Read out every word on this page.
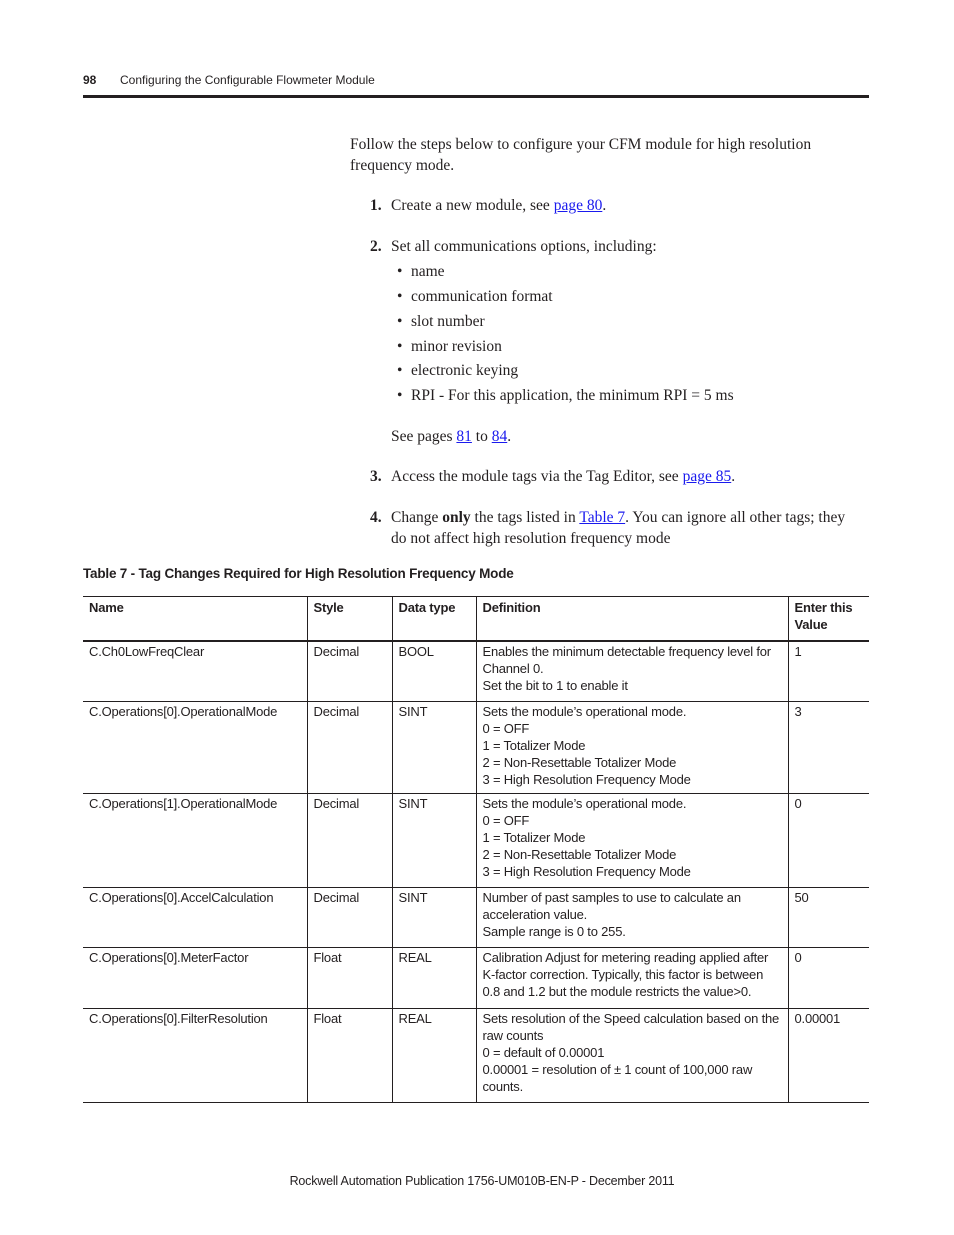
98 Configuring the Configurable Flowmeter Module
Follow the steps below to configure your CFM module for high resolution frequency mode.
1. Create a new module, see page 80.
2. Set all communications options, including:
• name
• communication format
• slot number
• minor revision
• electronic keying
• RPI - For this application, the minimum RPI = 5 ms
See pages 81 to 84.
3. Access the module tags via the Tag Editor, see page 85.
4. Change only the tags listed in Table 7. You can ignore all other tags; they do not affect high resolution frequency mode
Table 7 - Tag Changes Required for High Resolution Frequency Mode
Name	Style	Data type	Definition	Enter this Value
C.Ch0LowFreqClear	Decimal	BOOL	Enables the minimum detectable frequency level for Channel 0.
Set the bit to 1 to enable it	1
C.Operations[0].OperationalMode	Decimal	SINT	Sets the module’s operational mode.
0 = OFF
1 = Totalizer Mode
2 = Non-Resettable Totalizer Mode
3 = High Resolution Frequency Mode	3
C.Operations[1].OperationalMode	Decimal	SINT	Sets the module’s operational mode.
0 = OFF
1 = Totalizer Mode
2 = Non-Resettable Totalizer Mode
3 = High Resolution Frequency Mode	0
C.Operations[0].AccelCalculation	Decimal	SINT	Number of past samples to use to calculate an acceleration value.
Sample range is 0 to 255.	50
C.Operations[0].MeterFactor	Float	REAL	Calibration Adjust for metering reading applied after K-factor correction. Typically, this factor is between 0.8 and 1.2 but the module restricts the value>0.	0
C.Operations[0].FilterResolution	Float	REAL	Sets resolution of the Speed calculation based on the raw counts
0 = default of 0.00001
0.00001 = resolution of ± 1 count of 100,000 raw counts.	0.00001
Rockwell Automation Publication 1756-UM010B-EN-P - December 2011
